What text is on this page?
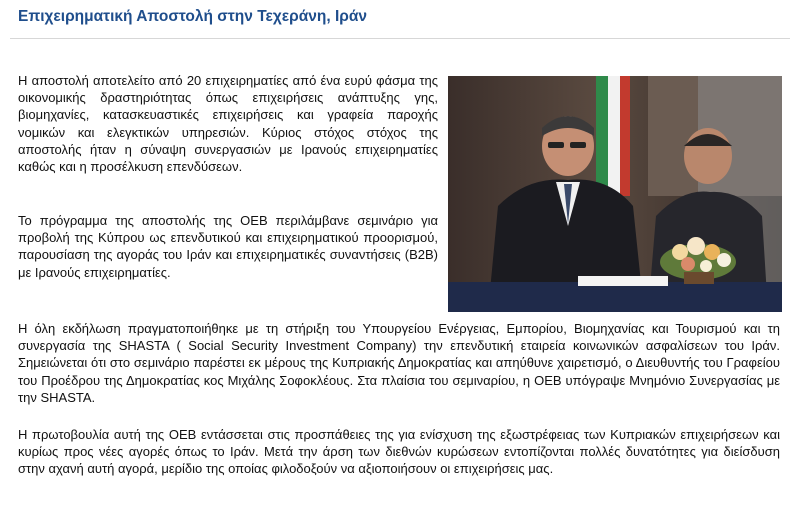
Επιχειρηματική Αποστολή στην Τεχεράνη, Ιράν

Η αποστολή αποτελείτο από 20 επιχειρηματίες από ένα ευρύ φάσμα της οικονομικής δραστηριότητας όπως επιχειρήσεις ανάπτυξης γης, βιομηχανίες, κατασκευαστικές επιχειρήσεις και γραφεία παροχής νομικών και ελεγκτικών υπηρεσιών. Κύριος στόχος στόχος της αποστολής ήταν η σύναψη συνεργασιών με Ιρανούς επιχειρηματίες καθώς και η προσέλκυση επενδύσεων.

Το πρόγραμμα της αποστολής της ΟΕΒ περιλάμβανε σεμινάριο για προβολή της Κύπρου ως επενδυτικού και επιχειρηματικού προορισμού, παρουσίαση της αγοράς του Ιράν και επιχειρηματικές συναντήσεις (Β2Β) με Ιρανούς επιχειρηματίες.

Η όλη εκδήλωση πραγματοποιήθηκε με τη στήριξη του Υπουργείου Ενέργειας, Εμπορίου, Βιομηχανίας και Τουρισμού και τη συνεργασία της SHASTA ( Social Security Investment Company) την επενδυτική εταιρεία κοινωνικών ασφαλίσεων του Ιράν. Σημειώνεται ότι στο σεμινάριο παρέστει εκ μέρους της Κυπριακής Δημοκρατίας και απηύθυνε χαιρετισμό, ο Διευθυντής του Γραφείου του Προέδρου της Δημοκρατίας κος Μιχάλης Σοφοκλέους. Στα πλαίσια του σεμιναρίου, η ΟΕΒ υπόγραψε Μνημόνιο Συνεργασίας με την SHASTA.

Η πρωτοβουλία αυτή της ΟΕΒ εντάσσεται στις προσπάθειες της για ενίσχυση της εξωστρέφειας των Κυπριακών επιχειρήσεων και κυρίως προς νέες αγορές όπως το Ιράν. Μετά την άρση των διεθνών κυρώσεων εντοπίζονται πολλές δυνατότητες για διείσδυση στην αχανή αυτή αγορά, μερίδιο της οποίας φιλοδοξούν να αξιοποιήσουν οι επιχειρήσεις μας.
